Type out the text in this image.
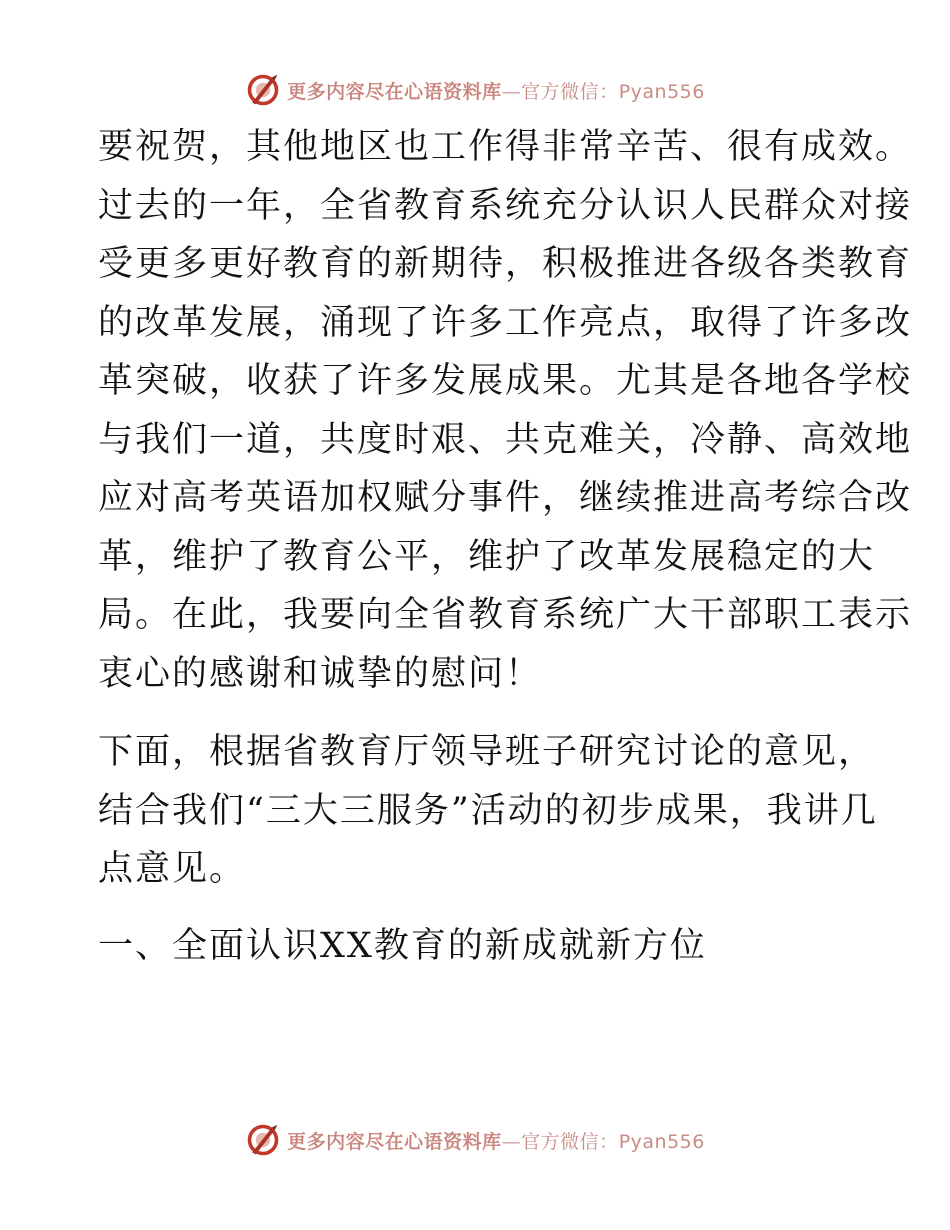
更多内容尽在心语资料库—官方微信：Pyan556

要祝贺，其他地区也工作得非常辛苦、很有成效。
过去的一年，全省教育系统充分认识人民群众对接
受更多更好教育的新期待，积极推进各级各类教育
的改革发展，涌现了许多工作亮点，取得了许多改
革突破，收获了许多发展成果。尤其是各地各学校
与我们一道，共度时艰、共克难关，冷静、高效地
应对高考英语加权赋分事件，继续推进高考综合改
革，维护了教育公平，维护了改革发展稳定的大
局。在此，我要向全省教育系统广大干部职工表示
衷心的感谢和诚挚的慰问！

下面，根据省教育厅领导班子研究讨论的意见，
结合我们“三大三服务”活动的初步成果，我讲几
点意见。

一、全面认识XX教育的新成就新方位

更多内容尽在心语资料库—官方微信：Pyan556
